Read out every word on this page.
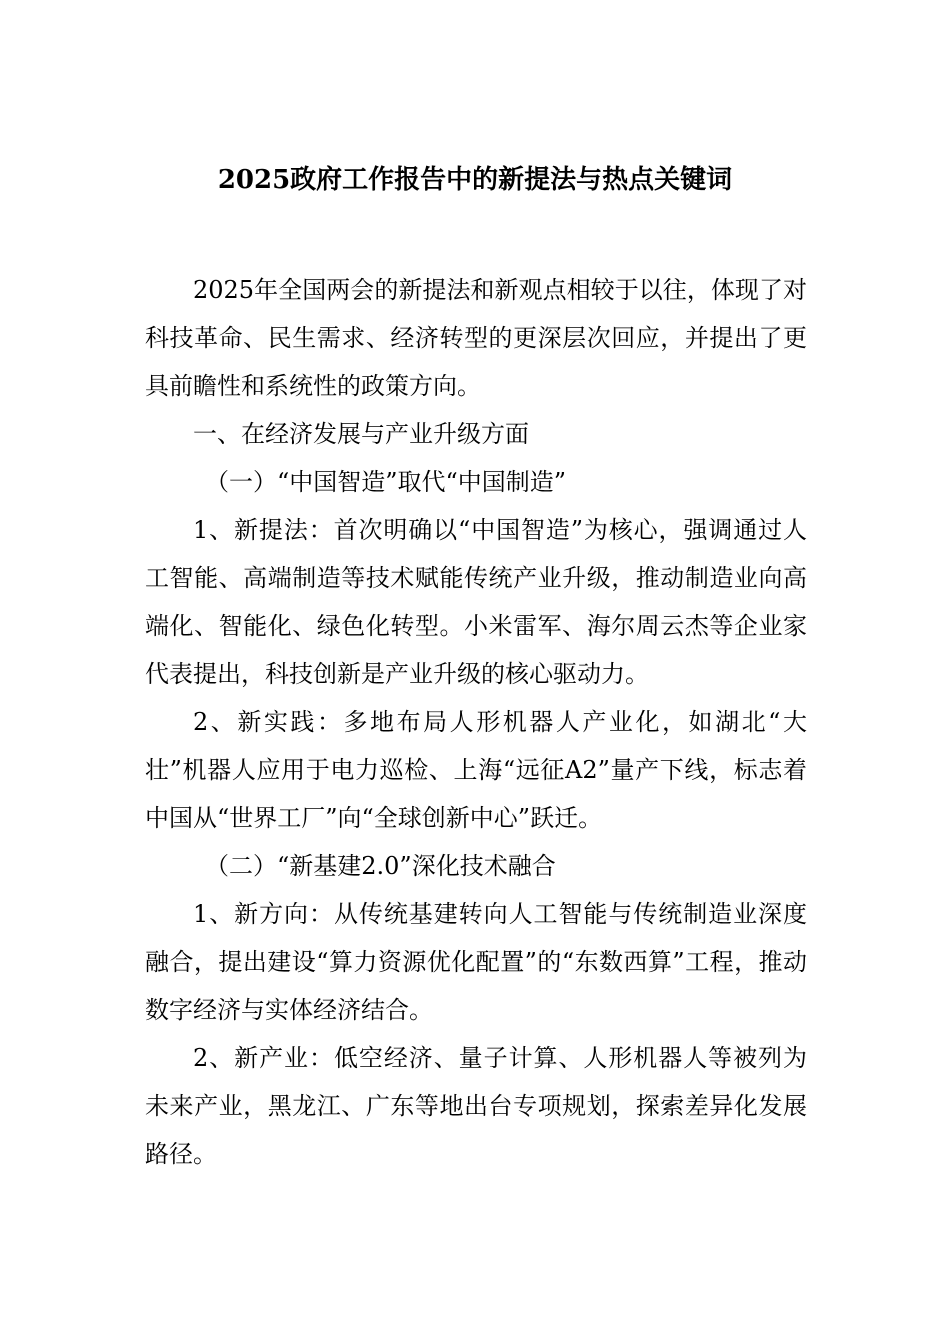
2025政府工作报告中的新提法与热点关键词

2025年全国两会的新提法和新观点相较于以往，体现了对科技革命、民生需求、经济转型的更深层次回应，并提出了更具前瞻性和系统性的政策方向。

一、在经济发展与产业升级方面

（一）“中国智造”取代“中国制造”

1、新提法：首次明确以“中国智造”为核心，强调通过人工智能、高端制造等技术赋能传统产业升级，推动制造业向高端化、智能化、绿色化转型。小米雷军、海尔周云杰等企业家代表提出，科技创新是产业升级的核心驱动力。

2、新实践：多地布局人形机器人产业化，如湖北“大壮”机器人应用于电力巡检、上海“远征A2”量产下线，标志着中国从“世界工厂”向“全球创新中心”跃迁。

（二）“新基建2.0”深化技术融合

1、新方向：从传统基建转向人工智能与传统制造业深度融合，提出建设“算力资源优化配置”的“东数西算”工程，推动数字经济与实体经济结合。

2、新产业：低空经济、量子计算、人形机器人等被列为未来产业，黑龙江、广东等地出台专项规划，探索差异化发展路径。
